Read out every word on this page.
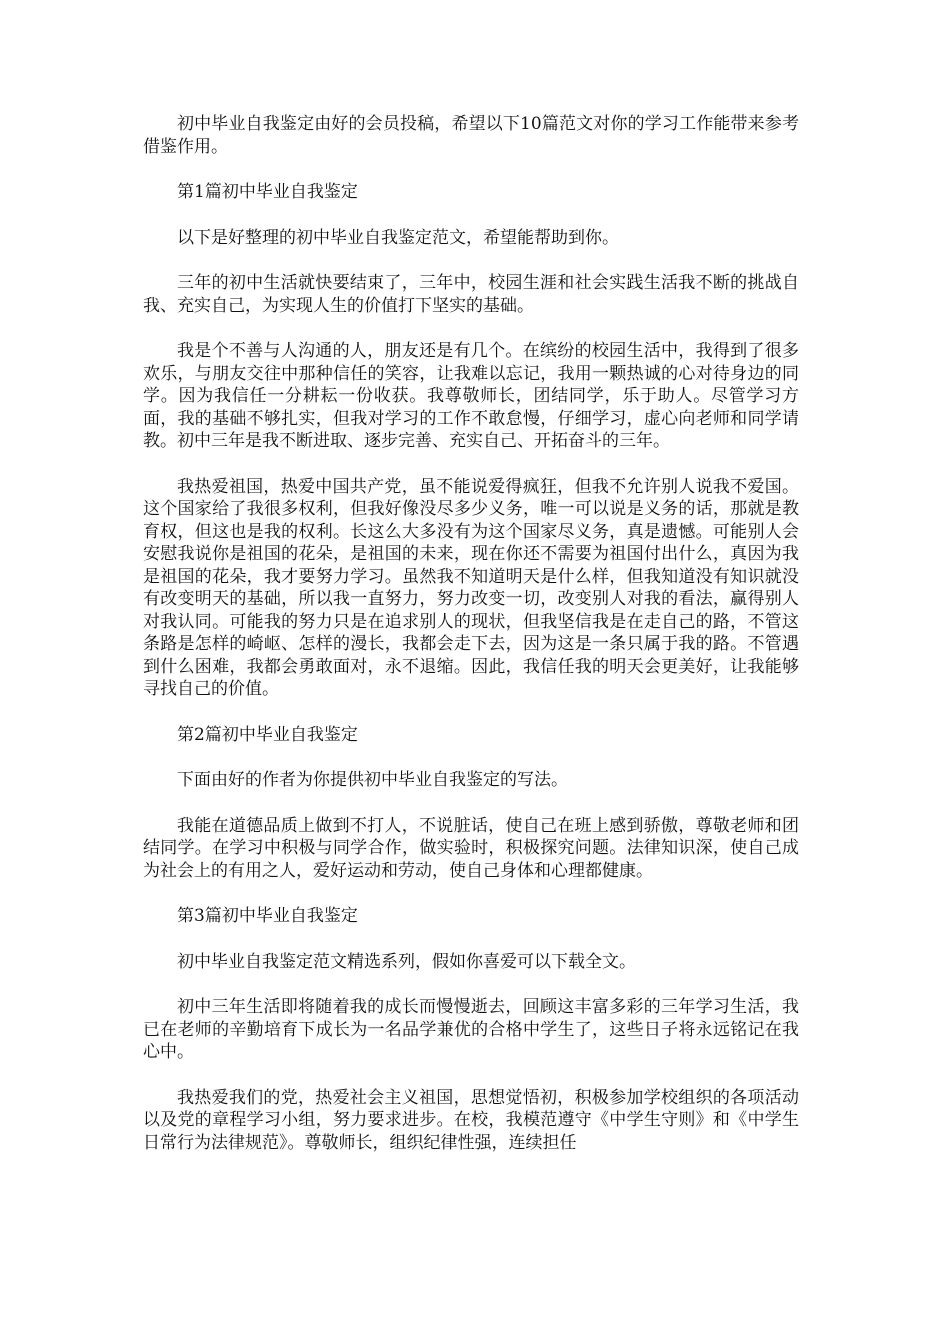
初中毕业自我鉴定由好的会员投稿，希望以下10篇范文对你的学习工作能带来参考借鉴作用。

第1篇初中毕业自我鉴定

以下是好整理的初中毕业自我鉴定范文，希望能帮助到你。

三年的初中生活就快要结束了，三年中，校园生涯和社会实践生活我不断的挑战自我、充实自己，为实现人生的价值打下坚实的基础。

我是个不善与人沟通的人，朋友还是有几个。在缤纷的校园生活中，我得到了很多欢乐，与朋友交往中那种信任的笑容，让我难以忘记，我用一颗热诚的心对待身边的同学。因为我信任一分耕耘一份收获。我尊敬师长，团结同学，乐于助人。尽管学习方面，我的基础不够扎实，但我对学习的工作不敢怠慢，仔细学习，虚心向老师和同学请教。初中三年是我不断进取、逐步完善、充实自己、开拓奋斗的三年。

我热爱祖国，热爱中国共产党，虽不能说爱得疯狂，但我不允许别人说我不爱国。这个国家给了我很多权利，但我好像没尽多少义务，唯一可以说是义务的话，那就是教育权，但这也是我的权利。长这么大多没有为这个国家尽义务，真是遗憾。可能别人会安慰我说你是祖国的花朵，是祖国的未来，现在你还不需要为祖国付出什么，真因为我是祖国的花朵，我才要努力学习。虽然我不知道明天是什么样，但我知道没有知识就没有改变明天的基础，所以我一直努力，努力改变一切，改变别人对我的看法，赢得别人对我认同。可能我的努力只是在追求别人的现状，但我坚信我是在走自己的路，不管这条路是怎样的崎岖、怎样的漫长，我都会走下去，因为这是一条只属于我的路。不管遇到什么困难，我都会勇敢面对，永不退缩。因此，我信任我的明天会更美好，让我能够寻找自己的价值。

第2篇初中毕业自我鉴定

下面由好的作者为你提供初中毕业自我鉴定的写法。

我能在道德品质上做到不打人，不说脏话，使自己在班上感到骄傲，尊敬老师和团结同学。在学习中积极与同学合作，做实验时，积极探究问题。法律知识深，使自己成为社会上的有用之人，爱好运动和劳动，使自己身体和心理都健康。

第3篇初中毕业自我鉴定

初中毕业自我鉴定范文精选系列，假如你喜爱可以下载全文。

初中三年生活即将随着我的成长而慢慢逝去，回顾这丰富多彩的三年学习生活，我已在老师的辛勤培育下成长为一名品学兼优的合格中学生了，这些日子将永远铭记在我心中。

我热爱我们的党，热爱社会主义祖国，思想觉悟初，积极参加学校组织的各项活动以及党的章程学习小组，努力要求进步。在校，我模范遵守《中学生守则》和《中学生日常行为法律规范》。尊敬师长，组织纪律性强，连续担任
